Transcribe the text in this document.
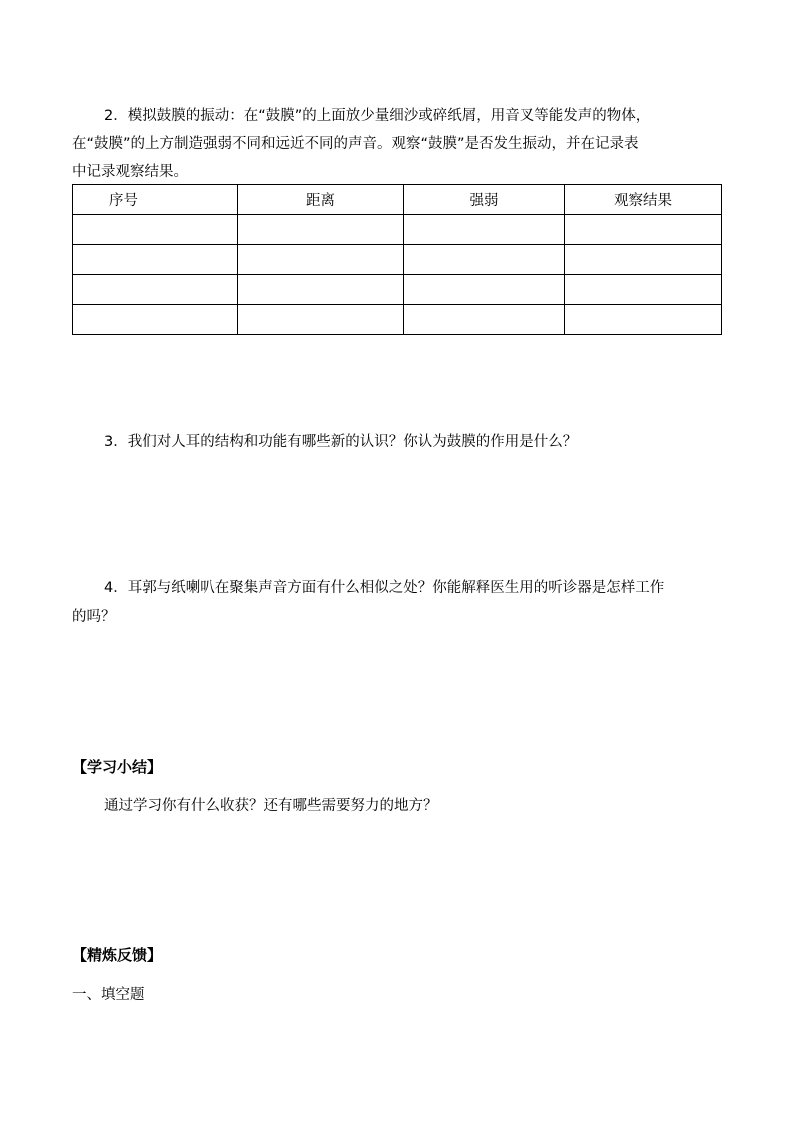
2．模拟鼓膜的振动：在“鼓膜”的上面放少量细沙或碎纸屑，用音叉等能发声的物体，
在“鼓膜”的上方制造强弱不同和远近不同的声音。观察“鼓膜”是否发生振动，并在记录表
中记录观察结果。
序号	距离	强弱	观察结果

3．我们对人耳的结构和功能有哪些新的认识？你认为鼓膜的作用是什么？
4．耳郭与纸喇叭在聚集声音方面有什么相似之处？你能解释医生用的听诊器是怎样工作
的吗？
【学习小结】
通过学习你有什么收获？还有哪些需要努力的地方？
【精炼反馈】
一、填空题
